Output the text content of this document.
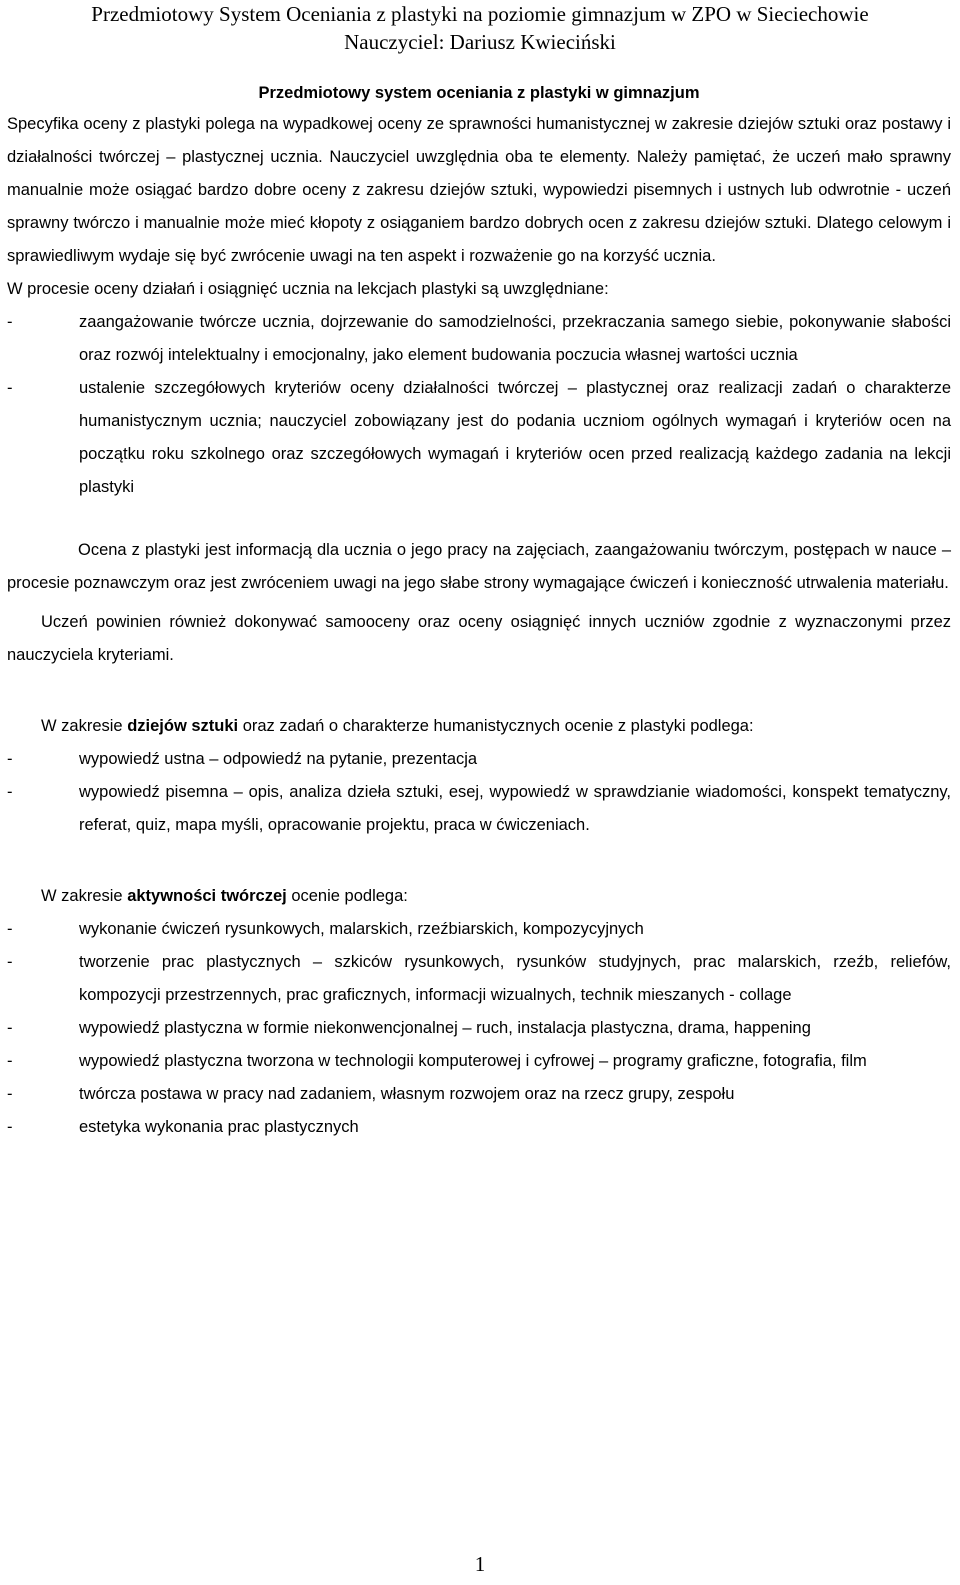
Przedmiotowy System Oceniania z plastyki na poziomie gimnazjum w ZPO w Sieciechowie
Nauczyciel: Dariusz Kwieciński
Przedmiotowy system oceniania z plastyki w gimnazjum

Specyfika oceny z plastyki polega na wypadkowej oceny ze sprawności humanistycznej w zakresie dziejów sztuki oraz postawy i działalności twórczej – plastycznej ucznia. Nauczyciel uwzględnia oba te elementy. Należy pamiętać, że uczeń mało sprawny manualnie może osiągać bardzo dobre oceny z zakresu dziejów sztuki, wypowiedzi pisemnych i ustnych lub odwrotnie - uczeń sprawny twórczo i manualnie może mieć kłopoty z osiąganiem bardzo dobrych ocen z zakresu dziejów sztuki. Dlatego celowym i sprawiedliwym wydaje się być zwrócenie uwagi na ten aspekt i rozważenie go na korzyść ucznia.

W procesie oceny działań i osiągnięć ucznia na lekcjach plastyki są uwzględniane:

-	zaangażowanie twórcze ucznia, dojrzewanie do samodzielności, przekraczania samego siebie, pokonywanie słabości oraz rozwój intelektualny i emocjonalny, jako element budowania poczucia własnej wartości ucznia
-	ustalenie szczegółowych kryteriów oceny działalności twórczej – plastycznej oraz realizacji zadań o charakterze humanistycznym ucznia; nauczyciel zobowiązany jest do podania uczniom ogólnych wymagań i kryteriów ocen na początku roku szkolnego oraz szczegółowych wymagań i kryteriów ocen przed realizacją każdego zadania na lekcji plastyki

Ocena z plastyki jest informacją dla ucznia o jego pracy na zajęciach, zaangażowaniu twórczym, postępach w nauce – procesie poznawczym oraz jest zwróceniem uwagi na jego słabe strony wymagające ćwiczeń i konieczność utrwalenia materiału.

Uczeń powinien również dokonywać samooceny oraz oceny osiągnięć innych uczniów zgodnie z wyznaczonymi przez nauczyciela kryteriami.

W zakresie dziejów sztuki oraz zadań o charakterze humanistycznych ocenie z plastyki podlega:

-	wypowiedź ustna – odpowiedź na pytanie, prezentacja
-	wypowiedź pisemna – opis, analiza dzieła sztuki, esej, wypowiedź w sprawdzianie wiadomości, konspekt tematyczny, referat, quiz, mapa myśli, opracowanie projektu, praca w ćwiczeniach.

W zakresie aktywności twórczej ocenie podlega:

-	wykonanie ćwiczeń rysunkowych, malarskich, rzeźbiarskich, kompozycyjnych
-	tworzenie prac plastycznych – szkiców rysunkowych, rysunków studyjnych, prac malarskich, rzeźb, reliefów, kompozycji przestrzennych, prac graficznych, informacji wizualnych, technik mieszanych - collage
-	wypowiedź plastyczna w formie niekonwencjonalnej – ruch, instalacja plastyczna, drama, happening
-	wypowiedź plastyczna tworzona w technologii komputerowej i cyfrowej – programy graficzne, fotografia, film
-	twórcza postawa w pracy nad zadaniem, własnym rozwojem oraz na rzecz grupy, zespołu
-	estetyka wykonania prac plastycznych
1
